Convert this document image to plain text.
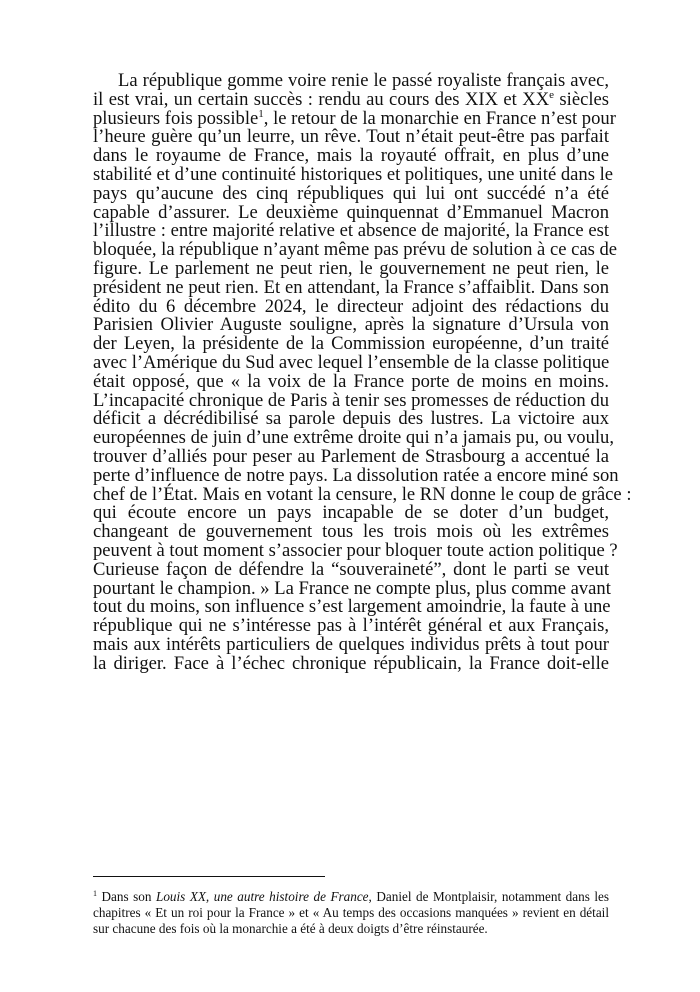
La république gomme voire renie le passé royaliste français avec,
il est vrai, un certain succès : rendu au cours des XIX et XXe siècles
plusieurs fois possible$^1$, le retour de la monarchie en France n’est pour
l’heure guère qu’un leurre, un rêve. Tout n’était peut-être pas parfait
dans le royaume de France, mais la royauté offrait, en plus d’une
stabilité et d’une continuité historiques et politiques, une unité dans le
pays qu’aucune des cinq républiques qui lui ont succédé n’a été
capable d’assurer. Le deuxième quinquennat d’Emmanuel Macron
l’illustre : entre majorité relative et absence de majorité, la France est
bloquée, la république n’ayant même pas prévu de solution à ce cas de
figure. Le parlement ne peut rien, le gouvernement ne peut rien, le
président ne peut rien. Et en attendant, la France s’affaiblit. Dans son
édito du 6 décembre 2024, le directeur adjoint des rédactions du
Parisien Olivier Auguste souligne, après la signature d’Ursula von
der Leyen, la présidente de la Commission européenne, d’un traité
avec l’Amérique du Sud avec lequel l’ensemble de la classe politique
était opposé, que « la voix de la France porte de moins en moins.
L’incapacité chronique de Paris à tenir ses promesses de réduction du
déficit a décrédibilisé sa parole depuis des lustres. La victoire aux
européennes de juin d’une extrême droite qui n’a jamais pu, ou voulu,
trouver d’alliés pour peser au Parlement de Strasbourg a accentué la
perte d’influence de notre pays. La dissolution ratée a encore miné son
chef de l’État. Mais en votant la censure, le RN donne le coup de grâce :
qui écoute encore un pays incapable de se doter d’un budget,
changeant de gouvernement tous les trois mois où les extrêmes
peuvent à tout moment s’associer pour bloquer toute action politique ?
Curieuse façon de défendre la “souveraineté”, dont le parti se veut
pourtant le champion. » La France ne compte plus, plus comme avant
tout du moins, son influence s’est largement amoindrie, la faute à une
république qui ne s’intéresse pas à l’intérêt général et aux Français,
mais aux intérêts particuliers de quelques individus prêts à tout pour
la diriger. Face à l’échec chronique républicain, la France doit-elle
$^1$ Dans son Louis XX, une autre histoire de France, Daniel de Montplaisir, notamment dans les
chapitres « Et un roi pour la France » et « Au temps des occasions manquées » revient en détail
sur chacune des fois où la monarchie a été à deux doigts d’être réinstaurée.
